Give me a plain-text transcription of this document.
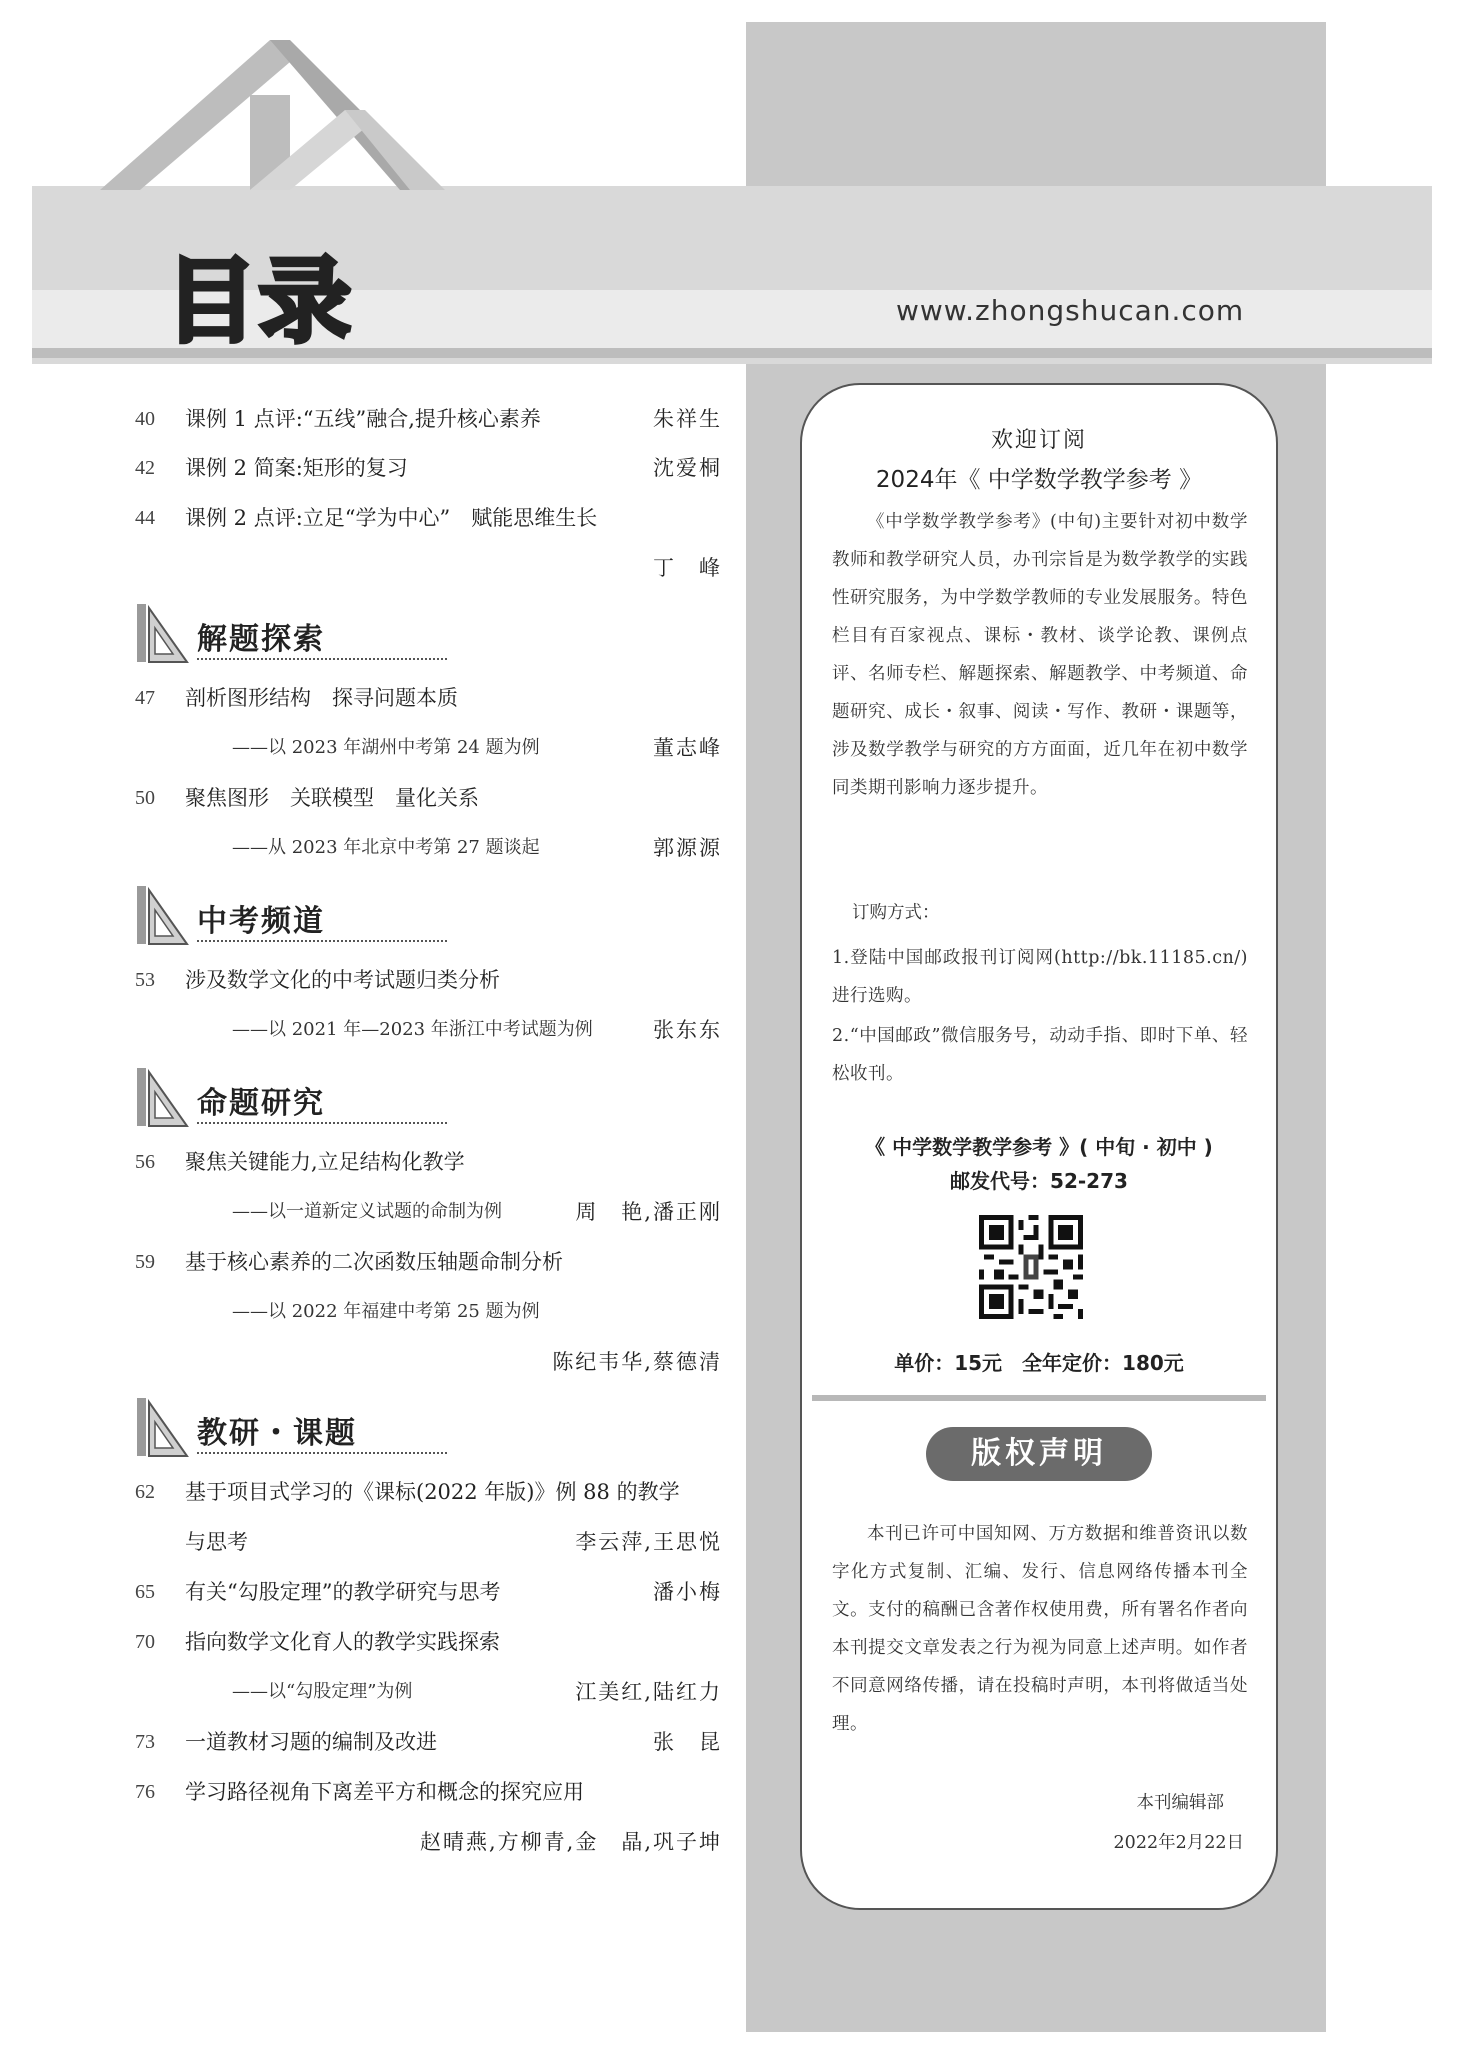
目录	www.zhongshucan.com
40	课例 1 点评:“五线”融合,提升核心素养	朱祥生
42	课例 2 简案:矩形的复习	沈爱桐
44	课例 2 点评:立足“学为中心”　赋能思维生长
丁　峰
解题探索
47	剖析图形结构　探寻问题本质
——以 2023 年湖州中考第 24 题为例	董志峰
50	聚焦图形　关联模型　量化关系
——从 2023 年北京中考第 27 题谈起	郭源源
中考频道
53	涉及数学文化的中考试题归类分析
——以 2021 年—2023 年浙江中考试题为例	张东东
命题研究
56	聚焦关键能力,立足结构化教学
——以一道新定义试题的命制为例	周　艳,潘正刚
59	基于核心素养的二次函数压轴题命制分析
——以 2022 年福建中考第 25 题为例
陈纪韦华,蔡德清
教研・课题
62	基于项目式学习的《课标(2022 年版)》例 88 的教学
与思考	李云萍,王思悦
65	有关“勾股定理”的教学研究与思考	潘小梅
70	指向数学文化育人的教学实践探索
——以“勾股定理”为例	江美红,陆红力
73	一道教材习题的编制及改进	张　昆
76	学习路径视角下离差平方和概念的探究应用
赵晴燕,方柳青,金　晶,巩子坤
欢迎订阅
2024年《 中学数学教学参考 》
《中学数学教学参考》(中旬)主要针对初中数学教师和教学研究人员，办刊宗旨是为数学教学的实践性研究服务，为中学数学教师的专业发展服务。特色栏目有百家视点、课标・教材、谈学论教、课例点评、名师专栏、解题探索、解题教学、中考频道、命题研究、成长・叙事、阅读・写作、教研・课题等，涉及数学教学与研究的方方面面，近几年在初中数学同类期刊影响力逐步提升。
订购方式：
1.登陆中国邮政报刊订阅网(http://bk.11185.cn/)进行选购。
2.“中国邮政”微信服务号，动动手指、即时下单、轻松收刊。
《 中学数学教学参考 》( 中旬 · 初中 )
邮发代号：52-273
单价：15元　全年定价：180元
版权声明
本刊已许可中国知网、万方数据和维普资讯以数字化方式复制、汇编、发行、信息网络传播本刊全文。支付的稿酬已含著作权使用费，所有署名作者向本刊提交文章发表之行为视为同意上述声明。如作者不同意网络传播，请在投稿时声明，本刊将做适当处理。
本刊编辑部
2022年2月22日
